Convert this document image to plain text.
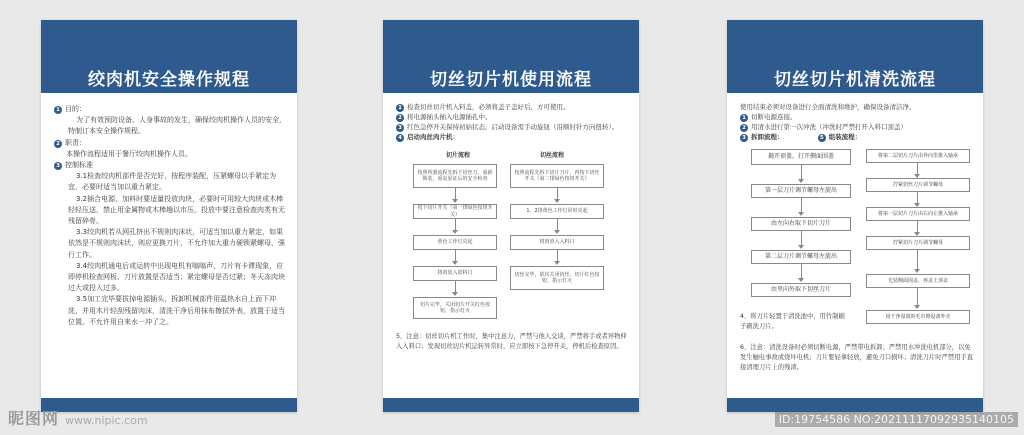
绞肉机安全操作规程
1 目的：
为了有效预防设备、人身事故的发生，确保绞肉机操作人员的安全，特制订本安全操作规程。
2 职责：
本操作流程适用于餐厅绞肉机操作人员。
3 控制标准
3.1检查绞肉机部件是否完好，按程序装配，压紧螺母以手紧定为宜，必要时适当加以重力紧定。
3.2插合电源，加料时要适量投放肉块，必要时可用较大肉块或木棒轻轻压送，禁止用金属物或木棒趟以市压。投放中要注意检查肉类有无残留碎骨。
3.3绞肉机若从网孔挤出不规则肉沫状，可适当加以重力紧定，如果依然是不规则肉沫状，则应更换刀片，不允许加大重力硬锁紧螺母，强行工作。
3.4绞肉机通电后或运转中出现电机有嗡嗡声，刀片有卡滞现象，应即停机检查网板、刀片放置是否适当；紧定螺母是否过紧；冬天冻肉块过大或投入过多。
3.5加工完毕要拔掉电源插头，拆卸机械部件用温热水自上而下冲洗，并用木片轻刮残留肉沫，清洗干净后用抹布擦拭外表，放置于适当位置。不允许用自来水一冲了之。
切丝切片机使用流程
1 检查切丝切片机入料盖，必须将盖子盖好后，方可使用。
2 将电源插头插入电源插孔中。
3 红色急停开关保持初始状态，启动设备需手动旋钮（沿顺时针方向扭转）。
4 启动肉丝肉片机：
切片流程	切丝流程
按照所割流程先拆下切丝刀，重新锁装，重复验证后的安全检查
按下切片开关（第一排绿色按钮开关）
黄色工作灯亮起
将肉放入放料口
切片完毕，关闭切片开关红色按钮，指示灯灭
按照流程先拆下切片刀片，再按下切丝开关（第二排绿色按钮开关）
1、2排黄色工作灯同时亮起
将肉放入入料口
切丝完毕，依次关闭切丝、切片红色按钮，指示灯灭
5、注意：切丝切片机工作时，集中注意力，严禁与他人交谈，严禁将手或者异物伸入入料口；发现切丝切片机运转异常时，应立即按下急停开关，停机后检查原因。
切丝切片机清洗流程
使用结束必须对设备进行全面清洗和维护，确保设备清洁净。
1 切断电源连接。
2 用清水进行第一次冲洗（冲洗时严禁打开入料口顶盖）
3 拆卸流程：	5 组装流程：
揭开顶盖，打开侧面围盖
第一层刀片调节螺母左旋出
由左向右取下切片刀片
第二层刀片调节螺母左旋出
由里向外取下切丝刀片
将第二层切片刀片由外向里推入轴承
拧紧切丝刀片调节螺母
将第一层切片刀片由右向左推入轴承
拧紧切片刀片调节螺母
先装侧面围盖，再盖上顶盖
用干净湿润的毛巾擦设备外壳
4、将刀片轻置于清洗池中，用竹制刷子刷洗刀片。
6、注意：清洗设备时必须切断电源，严禁带电拆卸；严禁用水冲洗电机部分，以免发生触电事故或烧坏电机；刀片要轻拿轻放，避免刀口损坏；清洗刀片时严禁用手直接清理刀片上的残渣。
昵图网 www.nipic.com	ID:19754586 NO:20211117092935140105
